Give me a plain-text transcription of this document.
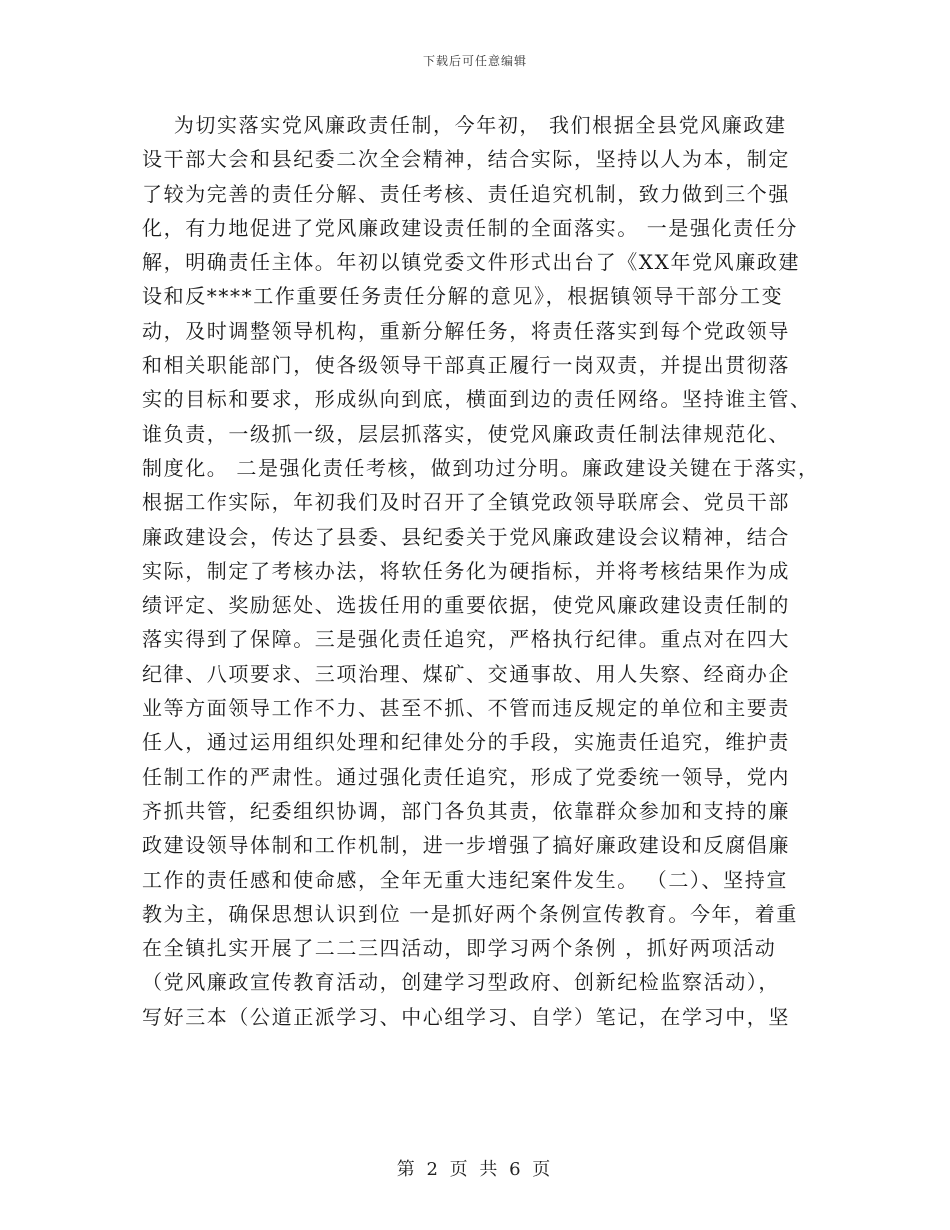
下载后可任意编辑
为切实落实党风廉政责任制，今年初， 我们根据全县党风廉政建
设干部大会和县纪委二次全会精神，结合实际，坚持以人为本，制定
了较为完善的责任分解、责任考核、责任追究机制，致力做到三个强
化，有力地促进了党风廉政建设责任制的全面落实。 一是强化责任分
解，明确责任主体。年初以镇党委文件形式出台了《XX年党风廉政建
设和反****工作重要任务责任分解的意见》，根据镇领导干部分工变
动，及时调整领导机构，重新分解任务，将责任落实到每个党政领导
和相关职能部门，使各级领导干部真正履行一岗双责，并提出贯彻落
实的目标和要求，形成纵向到底，横面到边的责任网络。坚持谁主管、
谁负责，一级抓一级，层层抓落实，使党风廉政责任制法律规范化、
制度化。 二是强化责任考核，做到功过分明。廉政建设关键在于落实，
根据工作实际，年初我们及时召开了全镇党政领导联席会、党员干部
廉政建设会，传达了县委、县纪委关于党风廉政建设会议精神，结合
实际，制定了考核办法，将软任务化为硬指标，并将考核结果作为成
绩评定、奖励惩处、选拔任用的重要依据，使党风廉政建设责任制的
落实得到了保障。三是强化责任追究，严格执行纪律。重点对在四大
纪律、八项要求、三项治理、煤矿、交通事故、用人失察、经商办企
业等方面领导工作不力、甚至不抓、不管而违反规定的单位和主要责
任人，通过运用组织处理和纪律处分的手段，实施责任追究，维护责
任制工作的严肃性。通过强化责任追究，形成了党委统一领导，党内
齐抓共管，纪委组织协调，部门各负其责，依靠群众参加和支持的廉
政建设领导体制和工作机制，进一步增强了搞好廉政建设和反腐倡廉
工作的责任感和使命感，全年无重大违纪案件发生。 （二）、坚持宣
教为主，确保思想认识到位 一是抓好两个条例宣传教育。今年，着重
在全镇扎实开展了二二三四活动，即学习两个条例 ，抓好两项活动
（党风廉政宣传教育活动，创建学习型政府、创新纪检监察活动），
写好三本（公道正派学习、中心组学习、自学）笔记，在学习中，坚
第 2 页 共 6 页
